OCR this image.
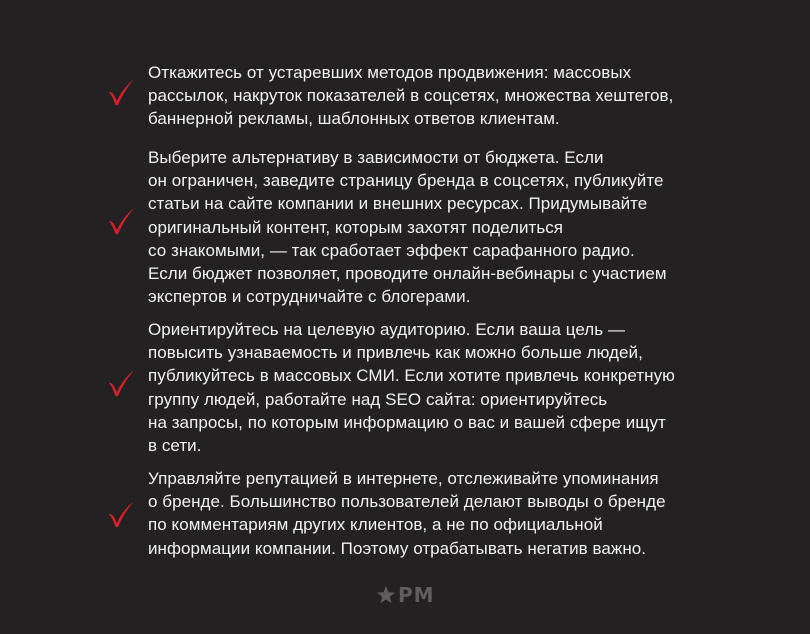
Откажитесь от устаревших методов продвижения: массовых
рассылок, накруток показателей в соцсетях, множества хештегов,
баннерной рекламы, шаблонных ответов клиентам.
Выберите альтернативу в зависимости от бюджета. Если
он ограничен, заведите страницу бренда в соцсетях, публикуйте
статьи на сайте компании и внешних ресурсах. Придумывайте
оригинальный контент, которым захотят поделиться
со знакомыми, — так сработает эффект сарафанного радио.
Если бюджет позволяет, проводите онлайн-вебинары с участием
экспертов и сотрудничайте с блогерами.
Ориентируйтесь на целевую аудиторию. Если ваша цель —
повысить узнаваемость и привлечь как можно больше людей,
публикуйтесь в массовых СМИ. Если хотите привлечь конкретную
группу людей, работайте над SEO сайта: ориентируйтесь
на запросы, по которым информацию о вас и вашей сфере ищут
в сети.
Управляйте репутацией в интернете, отслеживайте упоминания
о бренде. Большинство пользователей делают выводы о бренде
по комментариям других клиентов, а не по официальной
информации компании. Поэтому отрабатывать негатив важно.
PM
